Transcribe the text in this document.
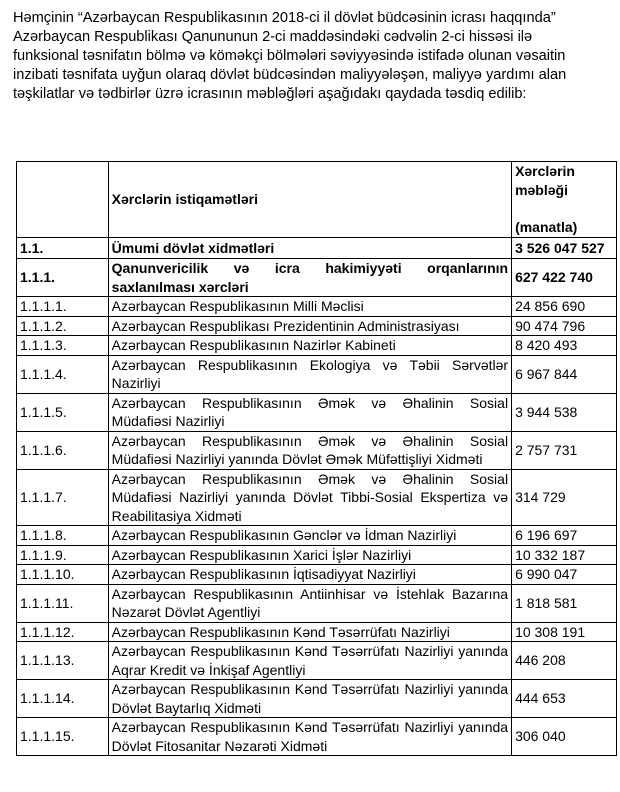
Həmçinin “Azərbaycan Respublikasının 2018-ci il dövlət büdcəsinin icrası haqqında” Azərbaycan Respublikası Qanununun 2-ci maddəsindəki cədvəlin 2-ci hissəsi ilə funksional təsnifatın bölmə və köməkçi bölmələri səviyyəsində istifadə olunan vəsaitin inzibati təsnifata uyğun olaraq dövlət büdcəsindən maliyyələşən, maliyyə yardımı alan təşkilatlar və tədbirlər üzrə icrasının məbləğləri aşağıdakı qaydada təsdiq edilib:

	Xərclərin istiqamətləri	Xərclərin məbləği
(manatla)

1.1.	Ümumi dövlət xidmətləri	3 526 047 527
1.1.1.	Qanunvericilik və icra hakimiyyəti orqanlarının saxlanılması xərcləri	627 422 740
1.1.1.1.	Azərbaycan Respublikasının Milli Məclisi	24 856 690
1.1.1.2.	Azərbaycan Respublikası Prezidentinin Administrasiyası	90 474 796
1.1.1.3.	Azərbaycan Respublikasının Nazirlər Kabineti	8 420 493
1.1.1.4.	Azərbaycan Respublikasının Ekologiya və Təbii Sərvətlər Nazirliyi	6 967 844
1.1.1.5.	Azərbaycan Respublikasının Əmək və Əhalinin Sosial Müdafiəsi Nazirliyi	3 944 538
1.1.1.6.	Azərbaycan Respublikasının Əmək və Əhalinin Sosial Müdafiəsi Nazirliyi yanında Dövlət Əmək Müfəttişliyi Xidməti	2 757 731
1.1.1.7.	Azərbaycan Respublikasının Əmək və Əhalinin Sosial Müdafiəsi Nazirliyi yanında Dövlət Tibbi-Sosial Ekspertiza və Reabilitasiya Xidməti	314 729
1.1.1.8.	Azərbaycan Respublikasının Gənclər və İdman Nazirliyi	6 196 697
1.1.1.9.	Azərbaycan Respublikasının Xarici İşlər Nazirliyi	10 332 187
1.1.1.10.	Azərbaycan Respublikasının İqtisadiyyat Nazirliyi	6 990 047
1.1.1.11.	Azərbaycan Respublikasının Antiinhisar və İstehlak Bazarına Nəzarət Dövlət Agentliyi	1 818 581
1.1.1.12.	Azərbaycan Respublikasının Kənd Təsərrüfatı Nazirliyi	10 308 191
1.1.1.13.	Azərbaycan Respublikasının Kənd Təsərrüfatı Nazirliyi yanında Aqrar Kredit və İnkişaf Agentliyi	446 208
1.1.1.14.	Azərbaycan Respublikasının Kənd Təsərrüfatı Nazirliyi yanında Dövlət Baytarlıq Xidməti	444 653
1.1.1.15.	Azərbaycan Respublikasının Kənd Təsərrüfatı Nazirliyi yanında Dövlət Fitosanitar Nəzarəti Xidməti	306 040
